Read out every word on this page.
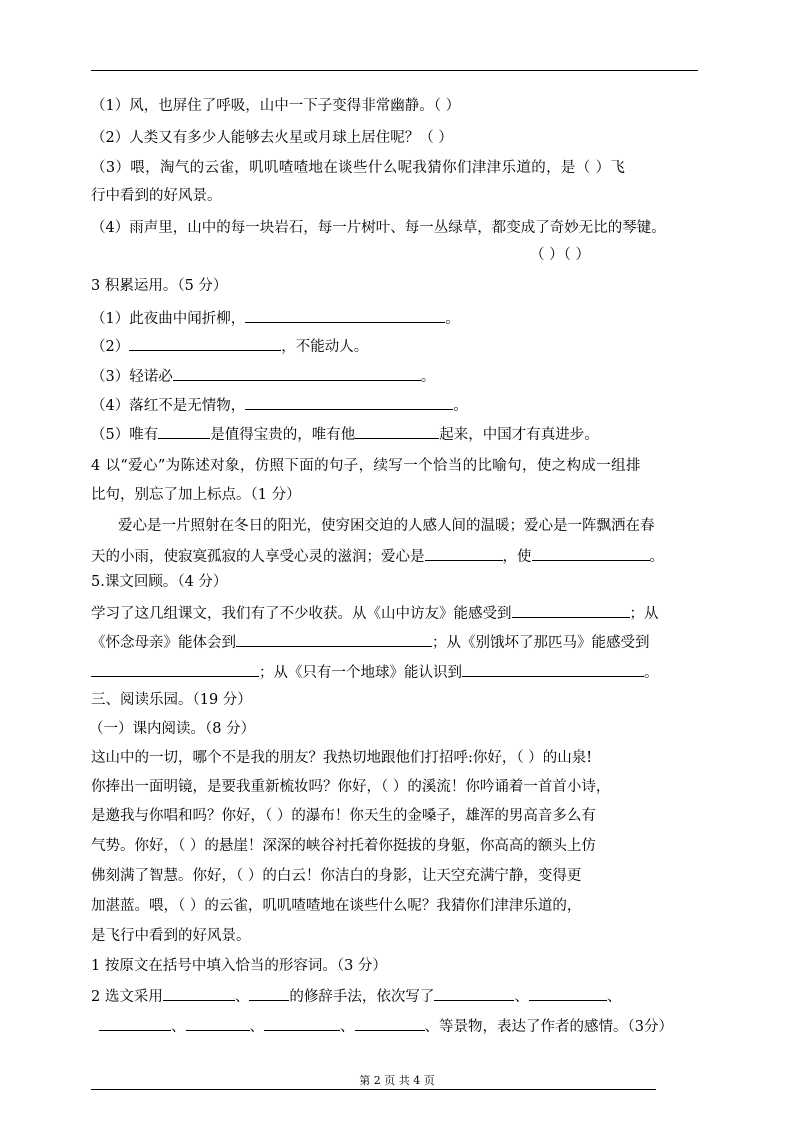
（1）风，也屏住了呼吸，山中一下子变得非常幽静。（ ）
（2）人类又有多少人能够去火星或月球上居住呢？（ ）
（3）喂，淘气的云雀，叽叽喳喳地在谈些什么呢我猜你们津津乐道的，是（ ）飞
行中看到的好风景。
（4）雨声里，山中的每一块岩石，每一片树叶、每一丛绿草，都变成了奇妙无比的琴键。
（ ）（ ）
3 积累运用。（5 分）
（1）此夜曲中闻折柳，	。
（2）	，不能动人。
（3）轻诺必	。
（4）落红不是无情物，	。
（5）唯有	是值得宝贵的，唯有他	起来，中国才有真进步。
4 以“爱心”为陈述对象，仿照下面的句子，续写一个恰当的比喻句，使之构成一组排
比句，别忘了加上标点。（1 分）
爱心是一片照射在冬日的阳光，使穷困交迫的人感人间的温暖；爱心是一阵飘洒在春
天的小雨，使寂寞孤寂的人享受心灵的滋润；爱心是	，使	。
5.课文回顾。（4 分）
学习了这几组课文，我们有了不少收获。从《山中访友》能感受到	；从
《怀念母亲》能体会到	；从《别饿坏了那匹马》能感受到
；从《只有一个地球》能认识到	。
三、阅读乐园。（19 分）
（一）课内阅读。（8 分）
这山中的一切，哪个不是我的朋友？我热切地跟他们打招呼:你好，（ ）的山泉!
你捧出一面明镜，是要我重新梳妆吗？你好，（ ）的溪流！你吟诵着一首首小诗，
是邀我与你唱和吗？你好，（ ）的瀑布！你天生的金嗓子，雄浑的男高音多么有
气势。你好，（ ）的悬崖！深深的峡谷衬托着你挺拔的身躯，你高高的额头上仿
佛刻满了智慧。你好，（ ）的白云！你洁白的身影，让天空充满宁静，变得更
加湛蓝。喂，（ ）的云雀，叽叽喳喳地在谈些什么呢？我猜你们津津乐道的，
是飞行中看到的好风景。
1 按原文在括号中填入恰当的形容词。（3 分）
2 选文采用	、	的修辞手法，依次写了	、	、
、	、	、	、等景物，表达了作者的感情。（3分）
第 2 页 共 4 页
